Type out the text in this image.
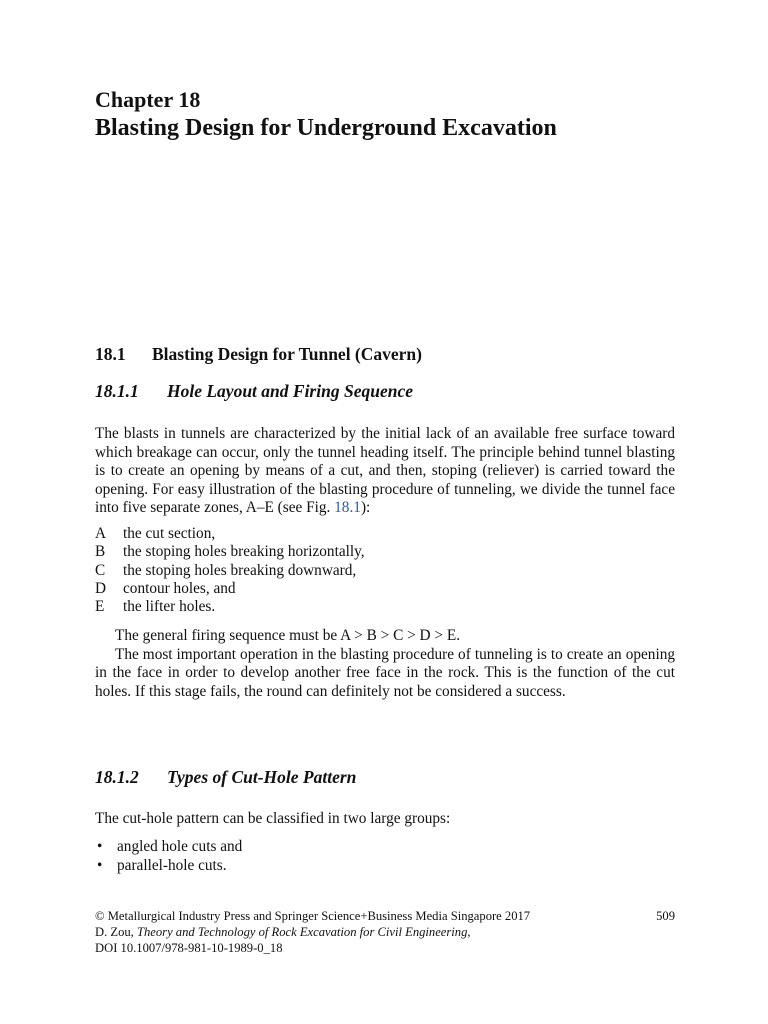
Chapter 18
Blasting Design for Underground Excavation
18.1 Blasting Design for Tunnel (Cavern)
18.1.1 Hole Layout and Firing Sequence

The blasts in tunnels are characterized by the initial lack of an available free surface toward which breakage can occur, only the tunnel heading itself. The principle behind tunnel blasting is to create an opening by means of a cut, and then, stoping (reliever) is carried toward the opening. For easy illustration of the blasting procedure of tunneling, we divide the tunnel face into five separate zones, A–E (see Fig. 18.1):

A	the cut section,
B	the stoping holes breaking horizontally,
C	the stoping holes breaking downward,
D	contour holes, and
E	the lifter holes.

The general firing sequence must be A > B > C > D > E.

The most important operation in the blasting procedure of tunneling is to create an opening in the face in order to develop another free face in the rock. This is the function of the cut holes. If this stage fails, the round can definitely not be considered a success.

18.1.2 Types of Cut-Hole Pattern

The cut-hole pattern can be classified in two large groups:

• angled hole cuts and
• parallel-hole cuts.
© Metallurgical Industry Press and Springer Science+Business Media Singapore 2017	509
D. Zou, Theory and Technology of Rock Excavation for Civil Engineering,
DOI 10.1007/978-981-10-1989-0_18
